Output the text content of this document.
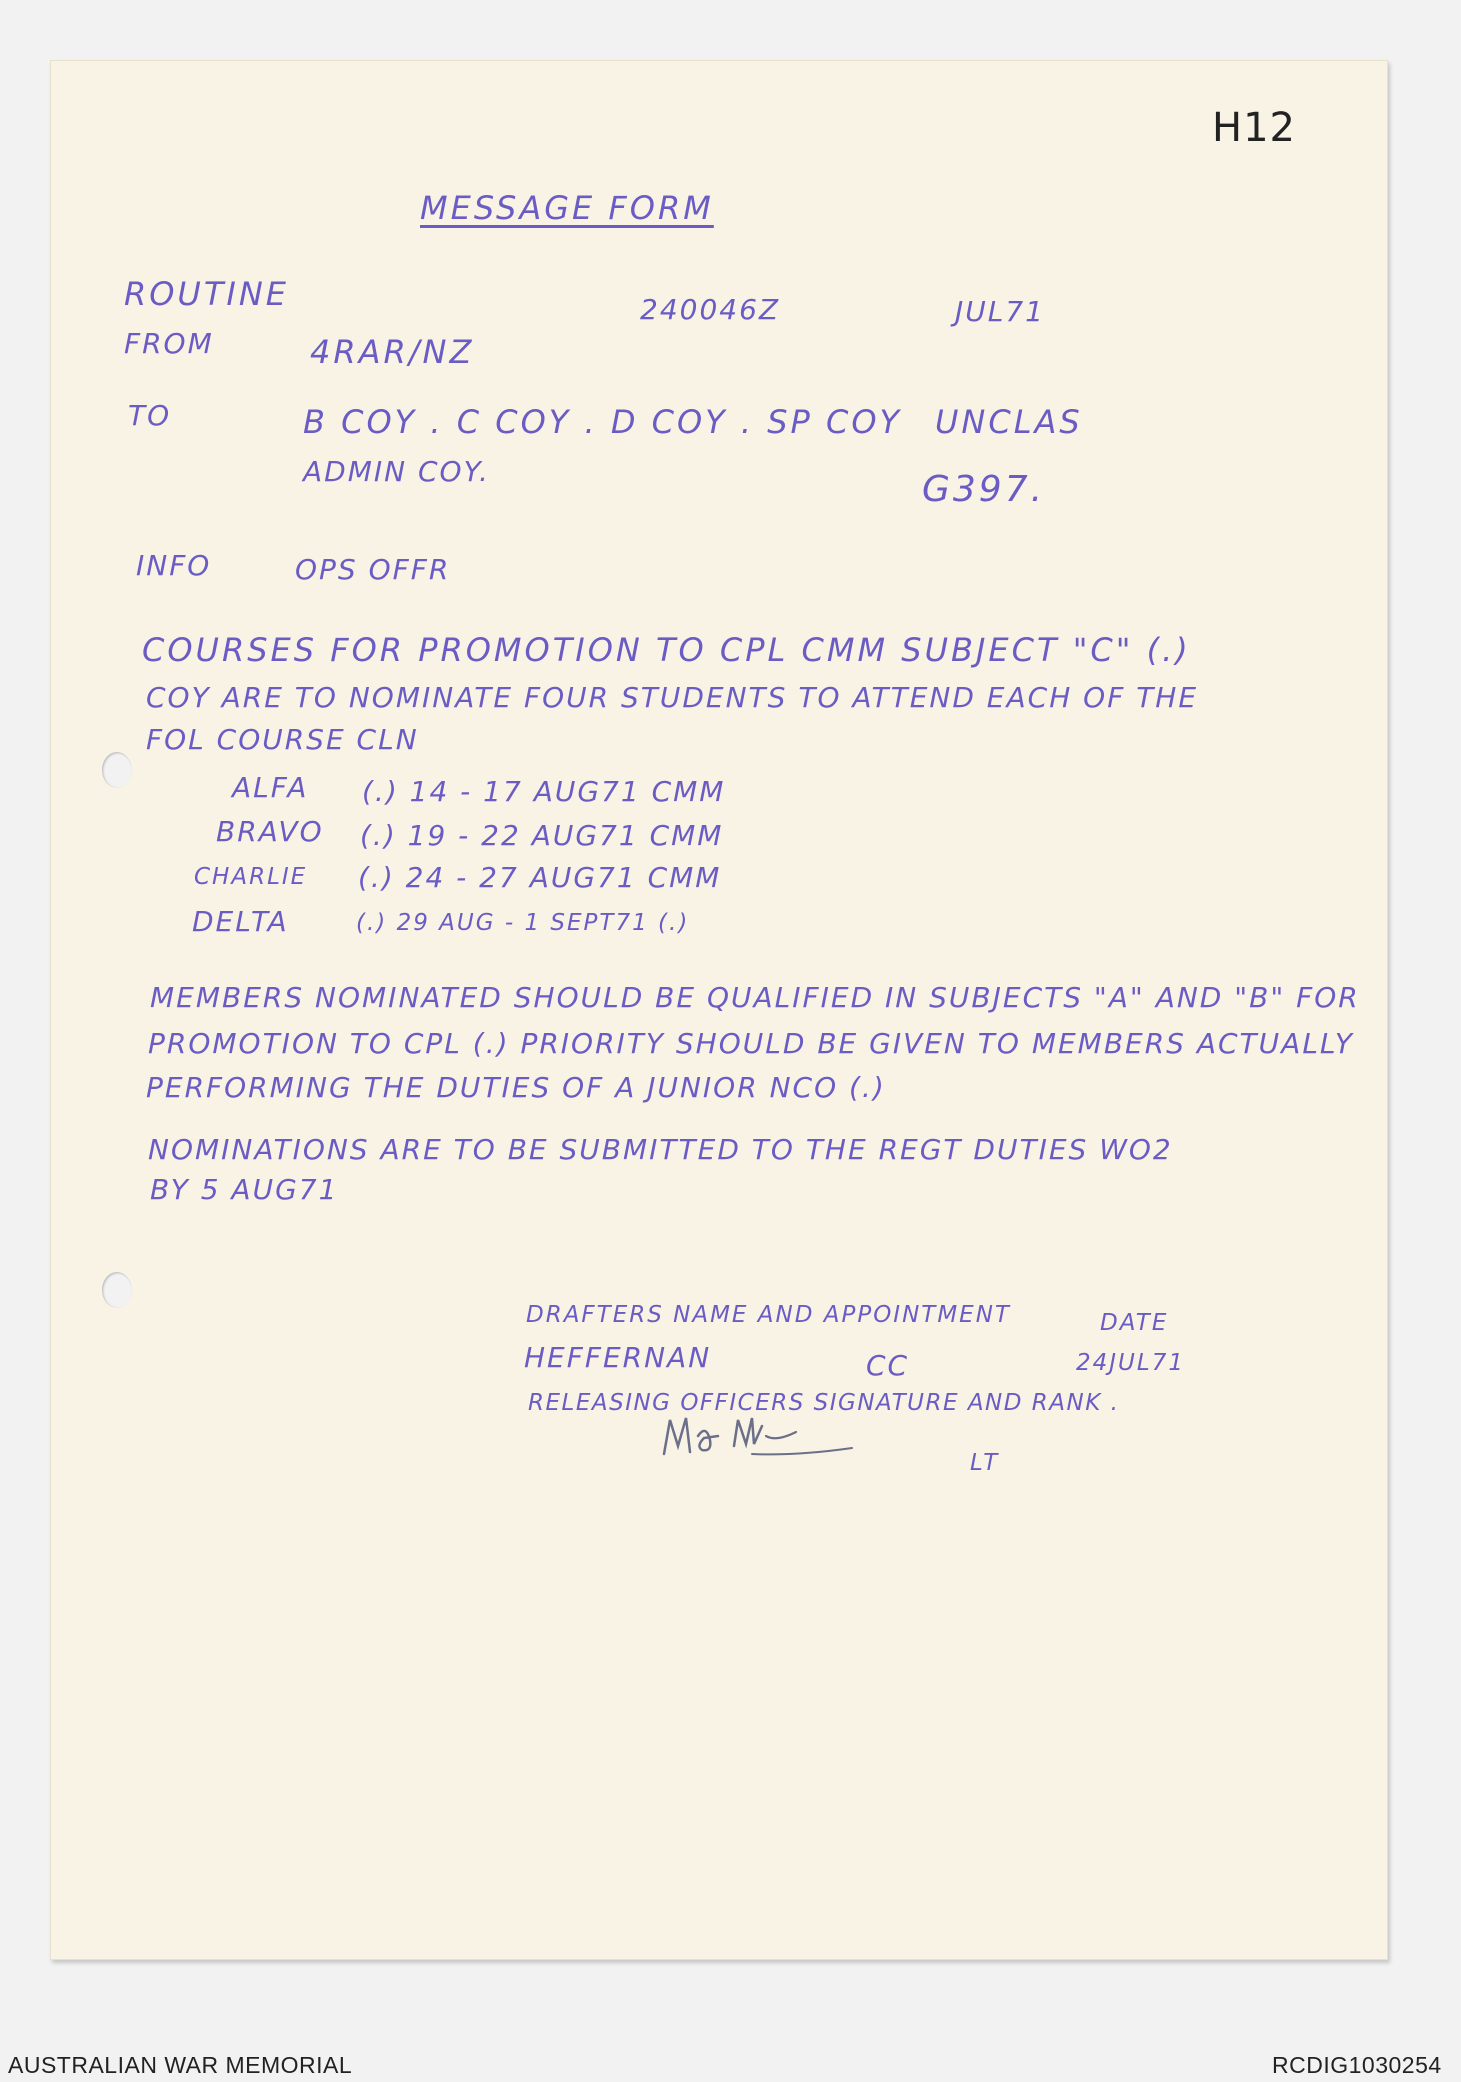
H12
MESSAGE FORM
ROUTINE	240046Z	JUL71
FROM	4RAR/NZ
TO	B COY . C COY . D COY . SP COY
ADMIN COY.
UNCLAS
G397.
INFO	OPS OFFR
COURSES FOR PROMOTION TO CPL CMM SUBJECT "C" (.)
COY ARE TO NOMINATE FOUR STUDENTS TO ATTEND EACH OF THE
FOL COURSE CLN
ALFA (.) 14 - 17 AUG71 CMM
BRAVO (.) 19 - 22 AUG71 CMM
CHARLIE (.) 24 - 27 AUG71 CMM
DELTA	(.) 29 AUG - 1 SEPT71 (.)
MEMBERS NOMINATED SHOULD BE QUALIFIED IN SUBJECTS "A" AND "B" FOR
PROMOTION TO CPL (.) PRIORITY SHOULD BE GIVEN TO MEMBERS ACTUALLY
PERFORMING THE DUTIES OF A JUNIOR NCO (.)
NOMINATIONS ARE TO BE SUBMITTED TO THE REGT DUTIES WO2
BY 5 AUG71
DRAFTERS NAME AND APPOINTMENT	DATE
HEFFERNAN	CC	24JUL71
RELEASING OFFICERS SIGNATURE AND RANK .
LT
AUSTRALIAN WAR MEMORIAL	RCDIG1030254
